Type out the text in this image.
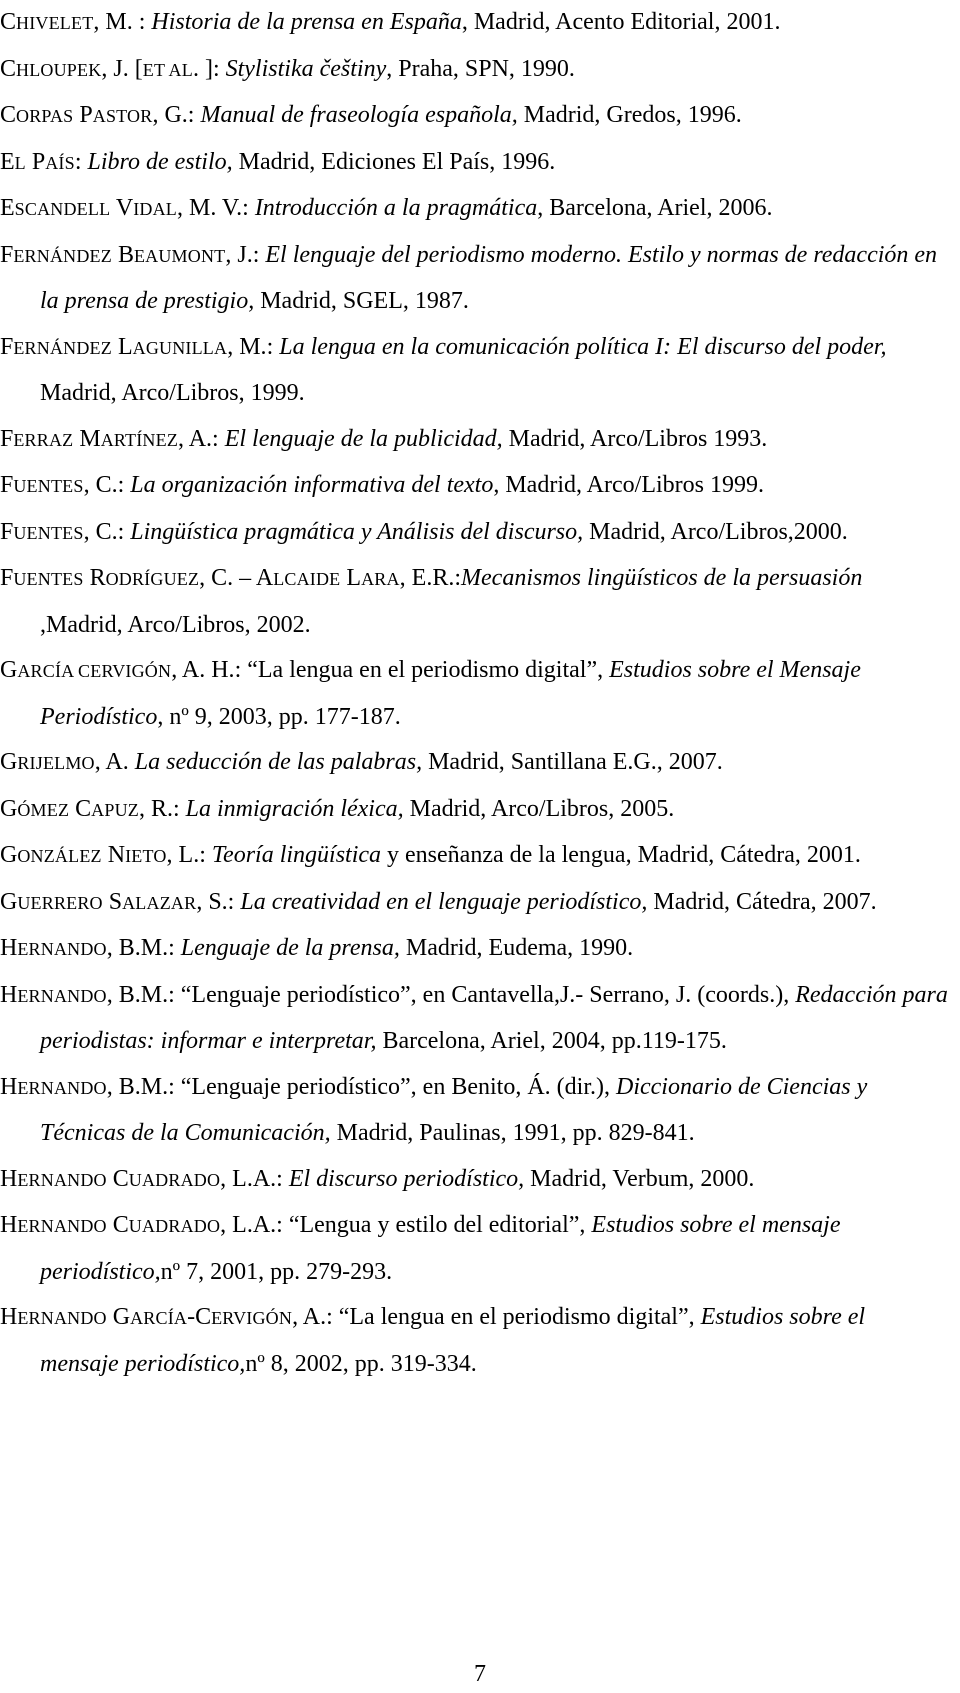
CHIVELET, M. : Historia de la prensa en España, Madrid, Acento Editorial, 2001.
CHLOUPEK, J. [ET AL. ]: Stylistika češtiny, Praha, SPN, 1990.
CORPAS PASTOR, G.: Manual de fraseología española, Madrid, Gredos, 1996.
EL PAÍS: Libro de estilo, Madrid, Ediciones El País, 1996.
ESCANDELL VIDAL, M. V.: Introducción a la pragmática, Barcelona, Ariel, 2006.
FERNÁNDEZ BEAUMONT, J.: El lenguaje del periodismo moderno. Estilo y normas de redacción en la prensa de prestigio, Madrid, SGEL, 1987.
FERNÁNDEZ LAGUNILLA, M.: La lengua en la comunicación política I: El discurso del poder, Madrid, Arco/Libros, 1999.
FERRAZ MARTÍNEZ, A.: El lenguaje de la publicidad, Madrid, Arco/Libros 1993.
FUENTES, C.: La organización informativa del texto, Madrid, Arco/Libros 1999.
FUENTES, C.: Lingüística pragmática y Análisis del discurso, Madrid, Arco/Libros,2000.
FUENTES RODRÍGUEZ, C. – ALCAIDE LARA, E.R.:Mecanismos lingüísticos de la persuasión ,Madrid, Arco/Libros, 2002.
GARCÍA CERVIGÓN, A. H.: “La lengua en el periodismo digital”, Estudios sobre el Mensaje Periodístico, nº 9, 2003, pp. 177-187.
GRIJELMO, A. La seducción de las palabras, Madrid, Santillana E.G., 2007.
GÓMEZ CAPUZ, R.: La inmigración léxica, Madrid, Arco/Libros, 2005.
GONZÁLEZ NIETO, L.: Teoría lingüística y enseñanza de la lengua, Madrid, Cátedra, 2001.
GUERRERO SALAZAR, S.: La creatividad en el lenguaje periodístico, Madrid, Cátedra, 2007.
HERNANDO, B.M.: Lenguaje de la prensa, Madrid, Eudema, 1990.
HERNANDO, B.M.: “Lenguaje periodístico”, en Cantavella,J.- Serrano, J. (coords.), Redacción para periodistas: informar e interpretar, Barcelona, Ariel, 2004, pp.119-175.
HERNANDO, B.M.: “Lenguaje periodístico”, en Benito, Á. (dir.), Diccionario de Ciencias y Técnicas de la Comunicación, Madrid, Paulinas, 1991, pp. 829-841.
HERNANDO CUADRADO, L.A.: El discurso periodístico, Madrid, Verbum, 2000.
HERNANDO CUADRADO, L.A.: “Lengua y estilo del editorial”, Estudios sobre el mensaje periodístico,nº 7, 2001, pp. 279-293.
HERNANDO GARCÍA-CERVIGÓN, A.: “La lengua en el periodismo digital”, Estudios sobre el mensaje periodístico,nº 8, 2002, pp. 319-334.
7
